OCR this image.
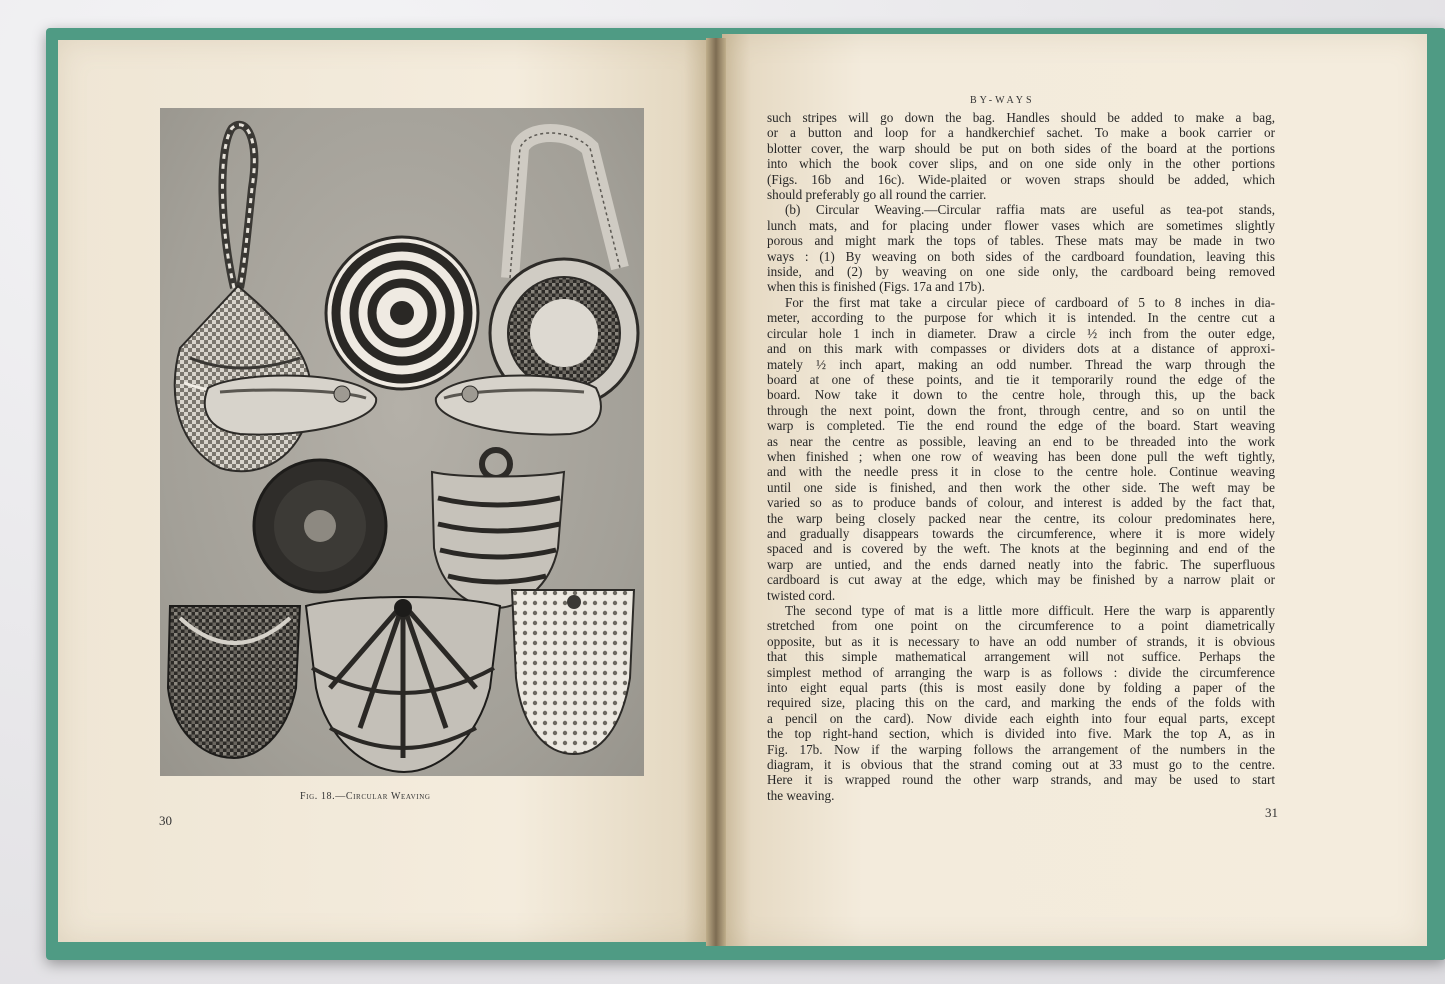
Fig. 18.—Circular Weaving
30
BY-WAYS
such stripes will go down the bag. Handles should be added to make a bag,
or a button and loop for a handkerchief sachet. To make a book carrier or
blotter cover, the warp should be put on both sides of the board at the portions
into which the book cover slips, and on one side only in the other portions
(Figs. 16b and 16c). Wide-plaited or woven straps should be added, which
should preferably go all round the carrier.
(b) Circular Weaving.—Circular raffia mats are useful as tea-pot stands,
lunch mats, and for placing under flower vases which are sometimes slightly
porous and might mark the tops of tables. These mats may be made in two
ways : (1) By weaving on both sides of the cardboard foundation, leaving this
inside, and (2) by weaving on one side only, the cardboard being removed
when this is finished (Figs. 17a and 17b).
For the first mat take a circular piece of cardboard of 5 to 8 inches in dia-
meter, according to the purpose for which it is intended. In the centre cut a
circular hole 1 inch in diameter. Draw a circle ½ inch from the outer edge,
and on this mark with compasses or dividers dots at a distance of approxi-
mately ½ inch apart, making an odd number. Thread the warp through the
board at one of these points, and tie it temporarily round the edge of the
board. Now take it down to the centre hole, through this, up the back
through the next point, down the front, through centre, and so on until the
warp is completed. Tie the end round the edge of the board. Start weaving
as near the centre as possible, leaving an end to be threaded into the work
when finished ; when one row of weaving has been done pull the weft tightly,
and with the needle press it in close to the centre hole. Continue weaving
until one side is finished, and then work the other side. The weft may be
varied so as to produce bands of colour, and interest is added by the fact that,
the warp being closely packed near the centre, its colour predominates here,
and gradually disappears towards the circumference, where it is more widely
spaced and is covered by the weft. The knots at the beginning and end of the
warp are untied, and the ends darned neatly into the fabric. The superfluous
cardboard is cut away at the edge, which may be finished by a narrow plait or
twisted cord.
The second type of mat is a little more difficult. Here the warp is apparently
stretched from one point on the circumference to a point diametrically
opposite, but as it is necessary to have an odd number of strands, it is obvious
that this simple mathematical arrangement will not suffice. Perhaps the
simplest method of arranging the warp is as follows : divide the circumference
into eight equal parts (this is most easily done by folding a paper of the
required size, placing this on the card, and marking the ends of the folds with
a pencil on the card). Now divide each eighth into four equal parts, except
the top right-hand section, which is divided into five. Mark the top A, as in
Fig. 17b. Now if the warping follows the arrangement of the numbers in the
diagram, it is obvious that the strand coming out at 33 must go to the centre.
Here it is wrapped round the other warp strands, and may be used to start
the weaving.
31
